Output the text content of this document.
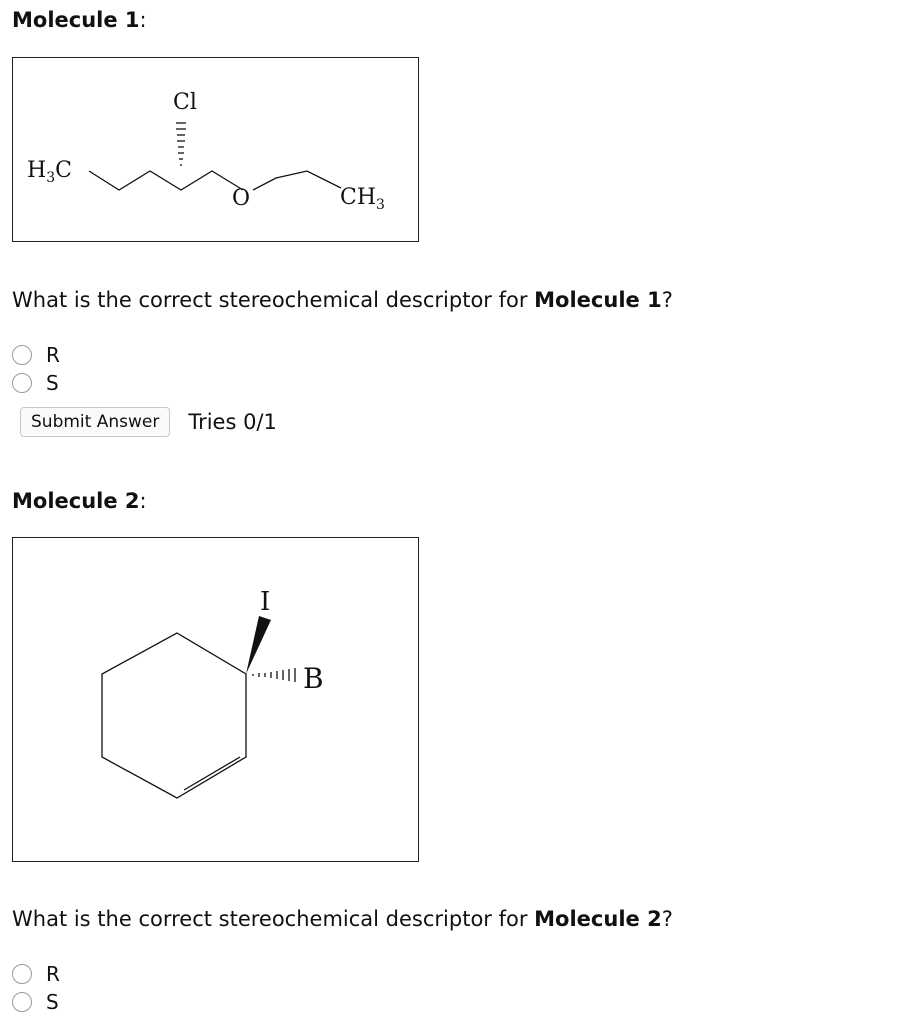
Molecule 1:
$H_3C$
Cl
O	$CH_3$
What is the correct stereochemical descriptor for Molecule 1?
R
S
Submit Answer	Tries 0/1
Molecule 2:
I
B
What is the correct stereochemical descriptor for Molecule 2?
R
S
